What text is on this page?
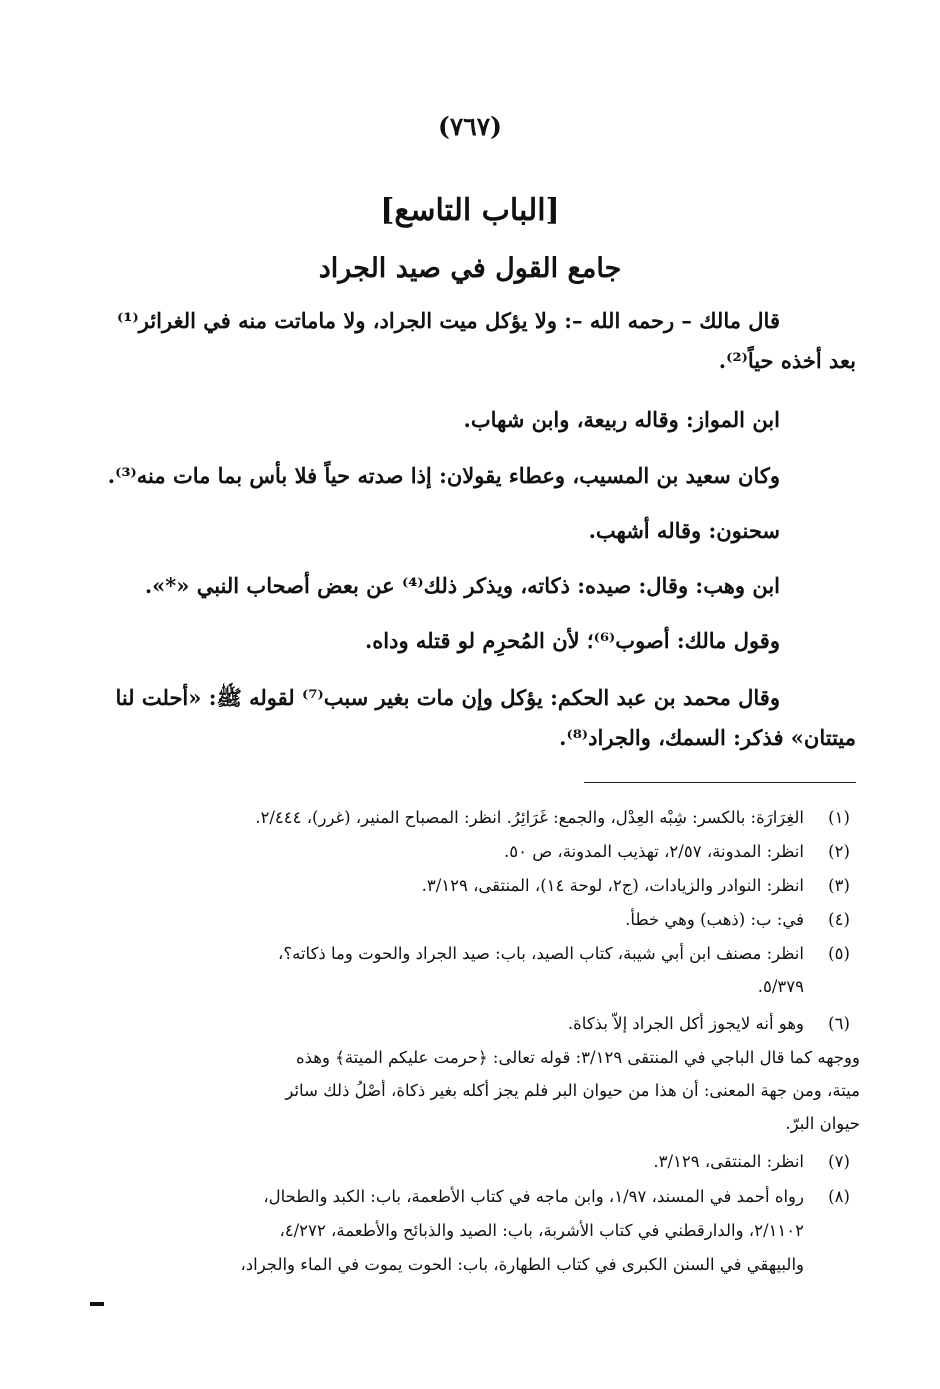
(٧٦٧)
[الباب التاسع]
جامع القول في صيد الجراد
قال مالك – رحمه الله –: ولا يؤكل ميت الجراد، ولا ماماتت منه في الغرائر⁽¹⁾
بعد أخذه حياً⁽²⁾.
ابن المواز: وقاله ربيعة، وابن شهاب.
وكان سعيد بن المسيب، وعطاء يقولان: إذا صدته حياً فلا بأس بما مات منه⁽³⁾.
سحنون: وقاله أشهب.
ابن وهب: وقال: صيده: ذكاته، ويذكر ذلك⁽⁴⁾ عن بعض أصحاب النبي «*».
وقول مالك: أصوب⁽⁶⁾؛ لأن المُحرِم لو قتله وداه.
وقال محمد بن عبد الحكم: يؤكل وإن مات بغير سبب⁽⁷⁾ لقوله ﷺ: «أحلت لنا
ميتتان» فذكر: السمك، والجراد⁽⁸⁾.
(١)
الغِرَارَة: بالكسر: شِبْه العِدْل، والجمع: غَرَائِرُ. انظر: المصباح المنير، (غرر)، ٢/٤٤٤.
(٢)
انظر: المدونة، ٢/٥٧، تهذيب المدونة، ص ٥٠.
(٣)
انظر: النوادر والزيادات، (ج٢، لوحة ١٤)، المنتقى، ٣/١٢٩.
(٤)
في: ب: (ذهب) وهي خطأ.
(٥)
انظر: مصنف ابن أبي شيبة، كتاب الصيد، باب: صيد الجراد والحوت وما ذكاته؟،
٥/٣٧٩.
(٦)
وهو أنه لايجوز أكل الجراد إلاّ بذكاة.
ووجهه كما قال الباجي في المنتقى ٣/١٢٩: قوله تعالى: ﴿حرمت عليكم الميتة﴾ وهذه
ميتة، ومن جهة المعنى: أن هذا من حيوان البر فلم يجز أكله بغير ذكاة، أصْلُ ذلك سائر
حيوان البرّ.
(٧)
انظر: المنتقى، ٣/١٢٩.
(٨)
رواه أحمد في المسند، ١/٩٧، وابن ماجه في كتاب الأطعمة، باب: الكبد والطحال،
٢/١١٠٢، والدارقطني في كتاب الأشربة، باب: الصيد والذبائح والأطعمة، ٤/٢٧٢،
والبيهقي في السنن الكبرى في كتاب الطهارة، باب: الحوت يموت في الماء والجراد،
